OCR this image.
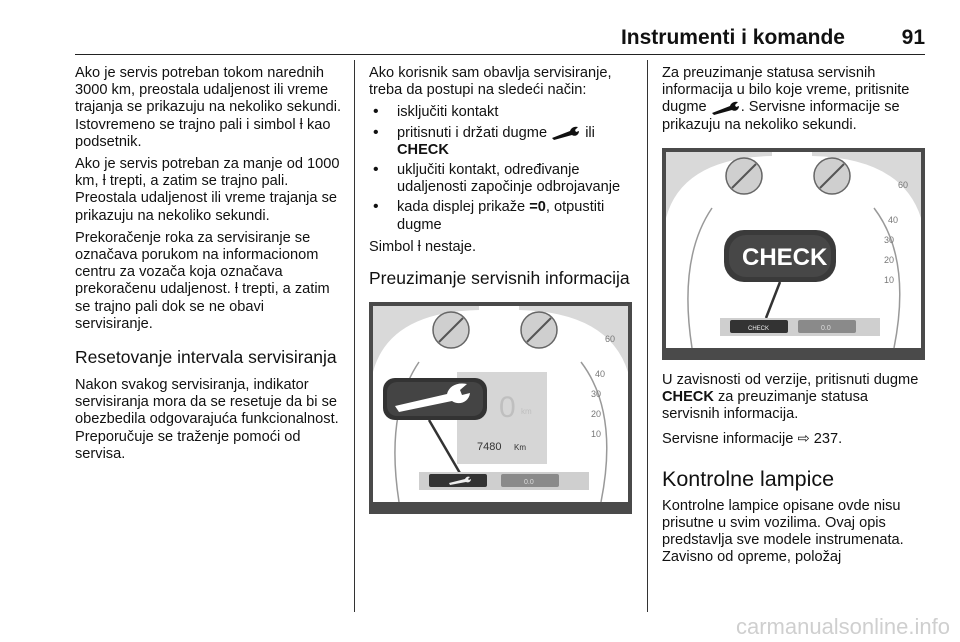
Instrumenti i komande	91

Ako je servis potreban tokom narednih 3000 km, preostala udaljenost ili vreme trajanja se prikazuju na nekoliko sekundi. Istovremeno se trajno pali i simbol ƚ kao podsetnik.

Ako je servis potreban za manje od 1000 km, ƚ trepti, a zatim se trajno pali. Preostala udaljenost ili vreme trajanja se prikazuju na nekoliko sekundi.

Prekoračenje roka za servisiranje se označava porukom na informacionom centru za vozača koja označava prekoračenu udaljenost. ƚ trepti, a zatim se trajno pali dok se ne obavi servisiranje.

Resetovanje intervala servisiranja

Nakon svakog servisiranja, indikator servisiranja mora da se resetuje da bi se obezbedila odgovarajuća funkcionalnost. Preporučuje se traženje pomoći od servisa.

Ako korisnik sam obavlja servisiranje, treba da postupi na sledeći način:

• isključiti kontakt
• pritisnuti i držati dugme	ili
CHECK
• uključiti kontakt, određivanje udaljenosti započinje odbrojavanje
• kada displej prikaže =0, otpustiti dugme

Simbol ƚ nestaje.

Preuzimanje servisnih informacija
0 km
7480 Km
60
40
30
20
10
0.0

Za preuzimanje statusa servisnih informacija u bilo koje vreme, pritisnite dugme . Servisne informacije se prikazuju na nekoliko sekundi.

60
40
30
20
10
CHECK
CHECK	0.0

U zavisnosti od verzije, pritisnuti dugme CHECK za preuzimanje statusa servisnih informacija.

Servisne informacije ⇨ 237.

Kontrolne lampice

Kontrolne lampice opisane ovde nisu prisutne u svim vozilima. Ovaj opis predstavlja sve modele instrumenata. Zavisno od opreme, položaj

carmanualsonline.info
